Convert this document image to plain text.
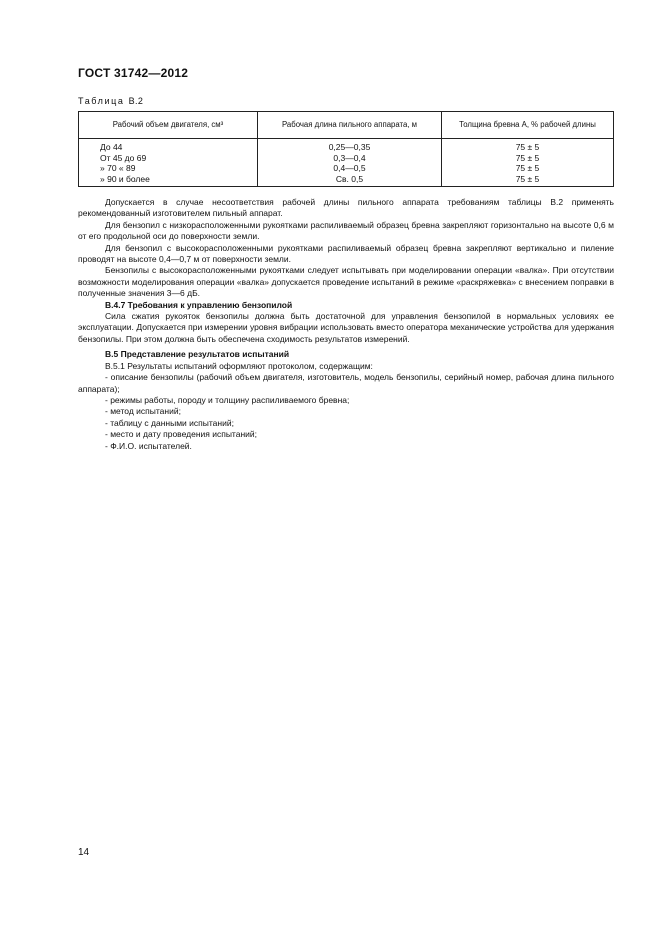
ГОСТ 31742—2012
Таблица В.2
Рабочий объем двигателя, см³	Рабочая длина пильного аппарата, м	Толщина бревна А, % рабочей длины
До 44	0,25—0,35	75 ± 5
От 45 до 69	0,3—0,4	75 ± 5
» 70 « 89	0,4—0,5	75 ± 5
» 90 и более	Св. 0,5	75 ± 5

Допускается в случае несоответствия рабочей длины пильного аппарата требованиям таблицы В.2 применять рекомендованный изготовителем пильный аппарат.

Для бензопил с низкорасположенными рукоятками распиливаемый образец бревна закрепляют горизонтально на высоте 0,6 м от его продольной оси до поверхности земли.

Для бензопил с высокорасположенными рукоятками распиливаемый образец бревна закрепляют вертикально и пиление проводят на высоте 0,4—0,7 м от поверхности земли.

Бензопилы с высокорасположенными рукоятками следует испытывать при моделировании операции «валка». При отсутствии возможности моделирования операции «валка» допускается проведение испытаний в режиме «раскряжевка» с внесением поправки в полученные значения 3—6 дБ.

В.4.7 Требования к управлению бензопилой

Сила сжатия рукояток бензопилы должна быть достаточной для управления бензопилой в нормальных условиях ее эксплуатации. Допускается при измерении уровня вибрации использовать вместо оператора механические устройства для удержания бензопилы. При этом должна быть обеспечена сходимость результатов измерений.

В.5 Представление результатов испытаний

В.5.1 Результаты испытаний оформляют протоколом, содержащим:

- описание бензопилы (рабочий объем двигателя, изготовитель, модель бензопилы, серийный номер, рабочая длина пильного аппарата);

- режимы работы, породу и толщину распиливаемого бревна;

- метод испытаний;

- таблицу с данными испытаний;

- место и дату проведения испытаний;

- Ф.И.О. испытателей.

14
